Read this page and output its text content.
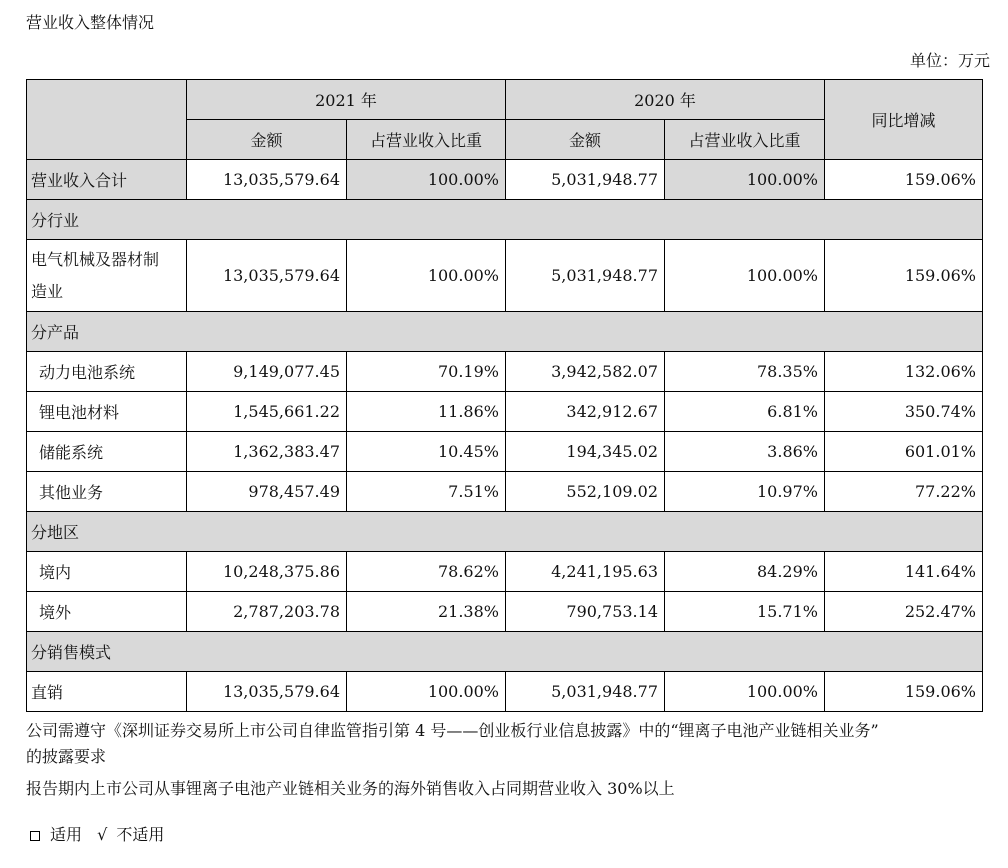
营业收入整体情况
单位：万元
	2021 年		2020 年		同比增减
	金额	占营业收入比重	金额	占营业收入比重	
营业收入合计	13,035,579.64	100.00%	5,031,948.77	100.00%	159.06%
分行业					
电气机械及器材制
造业	13,035,579.64	100.00%	5,031,948.77	100.00%	159.06%
分产品					
动力电池系统	9,149,077.45	70.19%	3,942,582.07	78.35%	132.06%
锂电池材料	1,545,661.22	11.86%	342,912.67	6.81%	350.74%
储能系统	1,362,383.47	10.45%	194,345.02	3.86%	601.01%
其他业务	978,457.49	7.51%	552,109.02	10.97%	77.22%
分地区					
境内	10,248,375.86	78.62%	4,241,195.63	84.29%	141.64%
境外	2,787,203.78	21.38%	790,753.14	15.71%	252.47%
分销售模式					
直销	13,035,579.64	100.00%	5,031,948.77	100.00%	159.06%

公司需遵守《深圳证券交易所上市公司自律监管指引第 4 号——创业板行业信息披露》中的“锂离子电池产业链相关业务”

的披露要求

报告期内上市公司从事锂离子电池产业链相关业务的海外销售收入占同期营业收入 30%以上

适用 √ 不适用
